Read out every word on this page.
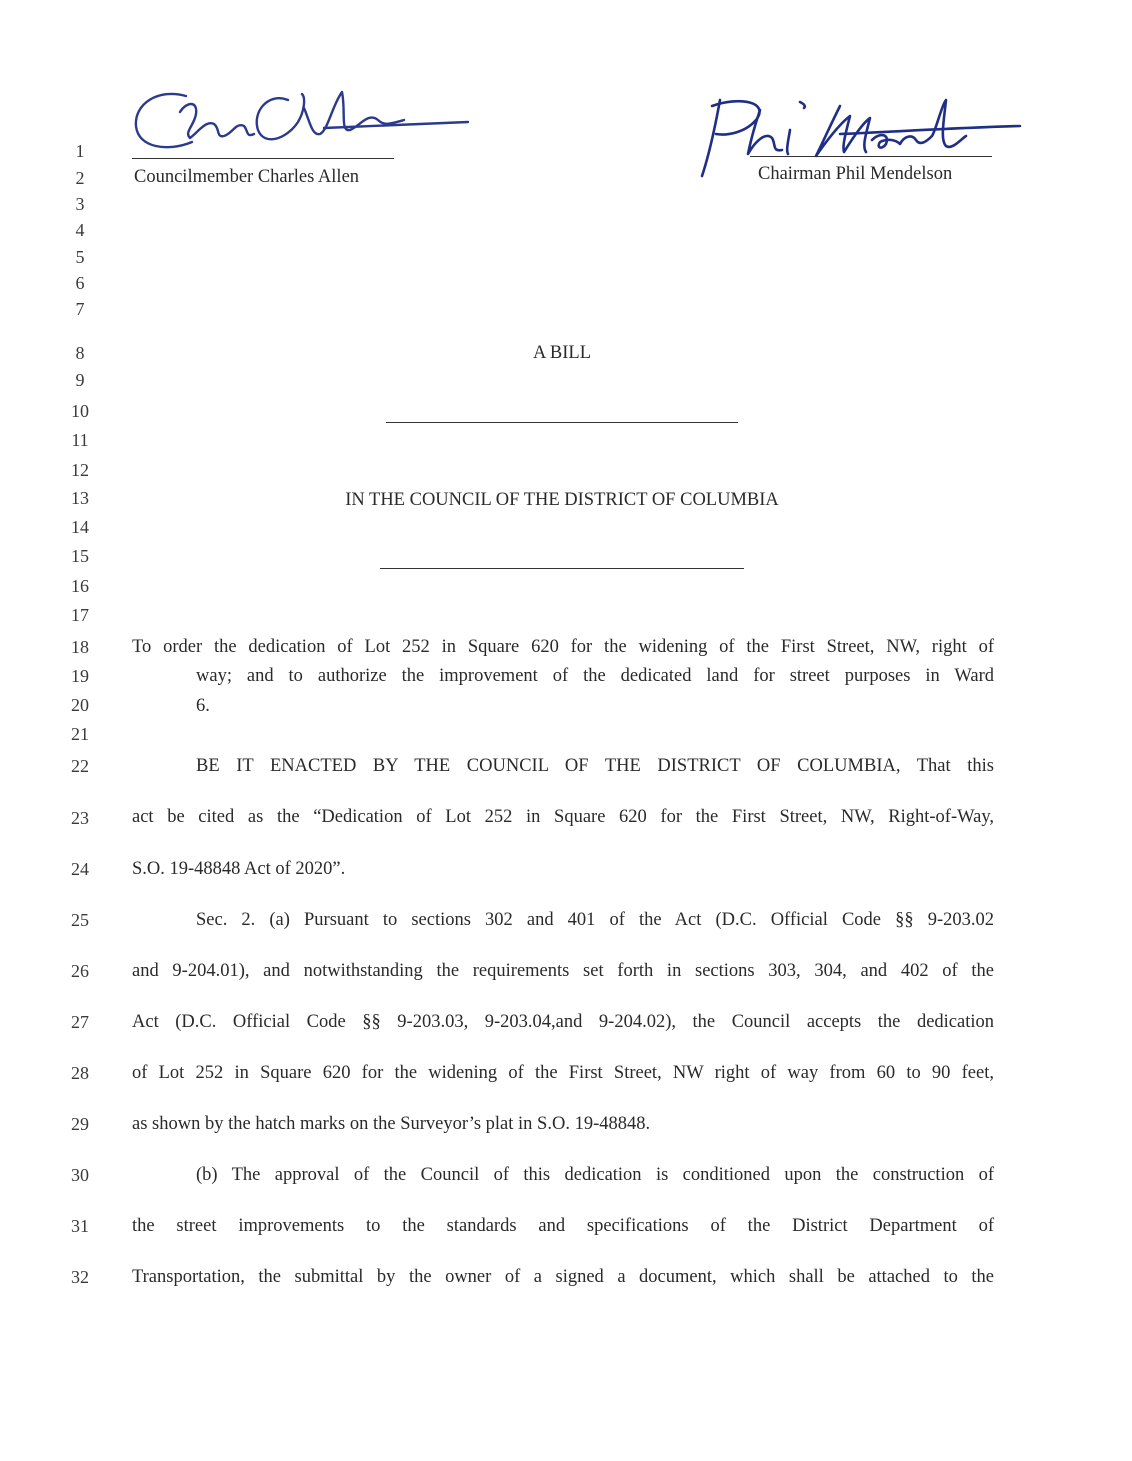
Councilmember Charles Allen	Chairman Phil Mendelson
1
2
3
4
5
6
7
8
9
10
11
12
13
14
15
16
17
18
19
20
21
22
23
24
25
26
27
28
29
30
31
32
A BILL
IN THE COUNCIL OF THE DISTRICT OF COLUMBIA
To order the dedication of Lot 252 in Square 620 for the widening of the First Street, NW, right of
way; and to authorize the improvement of the dedicated land for street purposes in Ward
6.
BE IT ENACTED BY THE COUNCIL OF THE DISTRICT OF COLUMBIA, That this
act be cited as the “Dedication of Lot 252 in Square 620 for the First Street, NW, Right-of-Way,
S.O. 19-48848 Act of 2020”.
Sec. 2. (a) Pursuant to sections 302 and 401 of the Act (D.C. Official Code §§ 9-203.02
and 9-204.01), and notwithstanding the requirements set forth in sections 303, 304, and 402 of the
Act (D.C. Official Code §§ 9-203.03, 9-203.04,and 9-204.02), the Council accepts the dedication
of Lot 252 in Square 620 for the widening of the First Street, NW right of way from 60 to 90 feet,
as shown by the hatch marks on the Surveyor’s plat in S.O. 19-48848.
(b) The approval of the Council of this dedication is conditioned upon the construction of
the street improvements to the standards and specifications of the District Department of
Transportation, the submittal by the owner of a signed a document, which shall be attached to the
